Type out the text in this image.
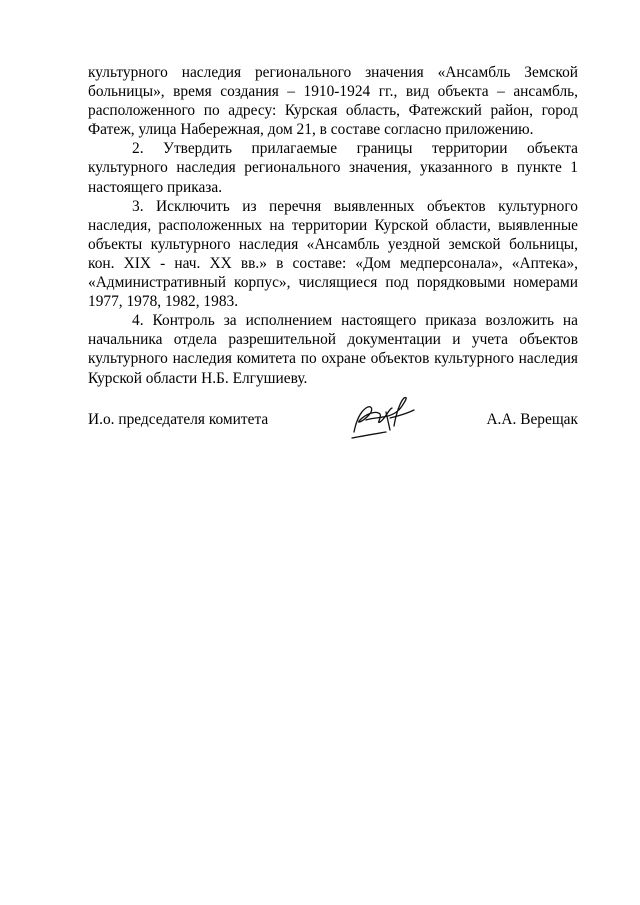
культурного наследия регионального значения «Ансамбль Земской больницы», время создания – 1910-1924 гг., вид объекта – ансамбль, расположенного по адресу: Курская область, Фатежский район, город Фатеж, улица Набережная, дом 21, в составе согласно приложению.

2. Утвердить прилагаемые границы территории объекта культурного наследия регионального значения, указанного в пункте 1 настоящего приказа.

3. Исключить из перечня выявленных объектов культурного наследия, расположенных на территории Курской области, выявленные объекты культурного наследия «Ансамбль уездной земской больницы, кон. XIX - нач. XX вв.» в составе: «Дом медперсонала», «Аптека», «Административный корпус», числящиеся под порядковыми номерами 1977, 1978, 1982, 1983.

4. Контроль за исполнением настоящего приказа возложить на начальника отдела разрешительной документации и учета объектов культурного наследия комитета по охране объектов культурного наследия Курской области Н.Б. Елгушиеву.

И.о. председателя комитета	А.А. Верещак
